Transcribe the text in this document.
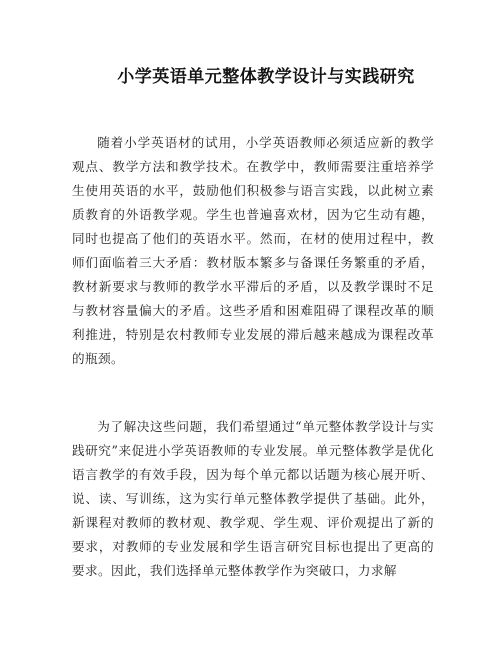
小学英语单元整体教学设计与实践研究

随着小学英语材的试用，小学英语教师必须适应新的教学观点、教学方法和教学技术。在教学中，教师需要注重培养学生使用英语的水平，鼓励他们积极参与语言实践，以此树立素质教育的外语教学观。学生也普遍喜欢材，因为它生动有趣，同时也提高了他们的英语水平。然而，在材的使用过程中，教师们面临着三大矛盾：教材版本繁多与备课任务繁重的矛盾，教材新要求与教师的教学水平滞后的矛盾，以及教学课时不足与教材容量偏大的矛盾。这些矛盾和困难阻碍了课程改革的顺利推进，特别是农村教师专业发展的滞后越来越成为课程改革的瓶颈。

为了解决这些问题，我们希望通过“单元整体教学设计与实践研究”来促进小学英语教师的专业发展。单元整体教学是优化语言教学的有效手段，因为每个单元都以话题为核心展开听、说、读、写训练，这为实行单元整体教学提供了基础。此外，新课程对教师的教材观、教学观、学生观、评价观提出了新的要求，对教师的专业发展和学生语言研究目标也提出了更高的要求。因此，我们选择单元整体教学作为突破口，力求解
